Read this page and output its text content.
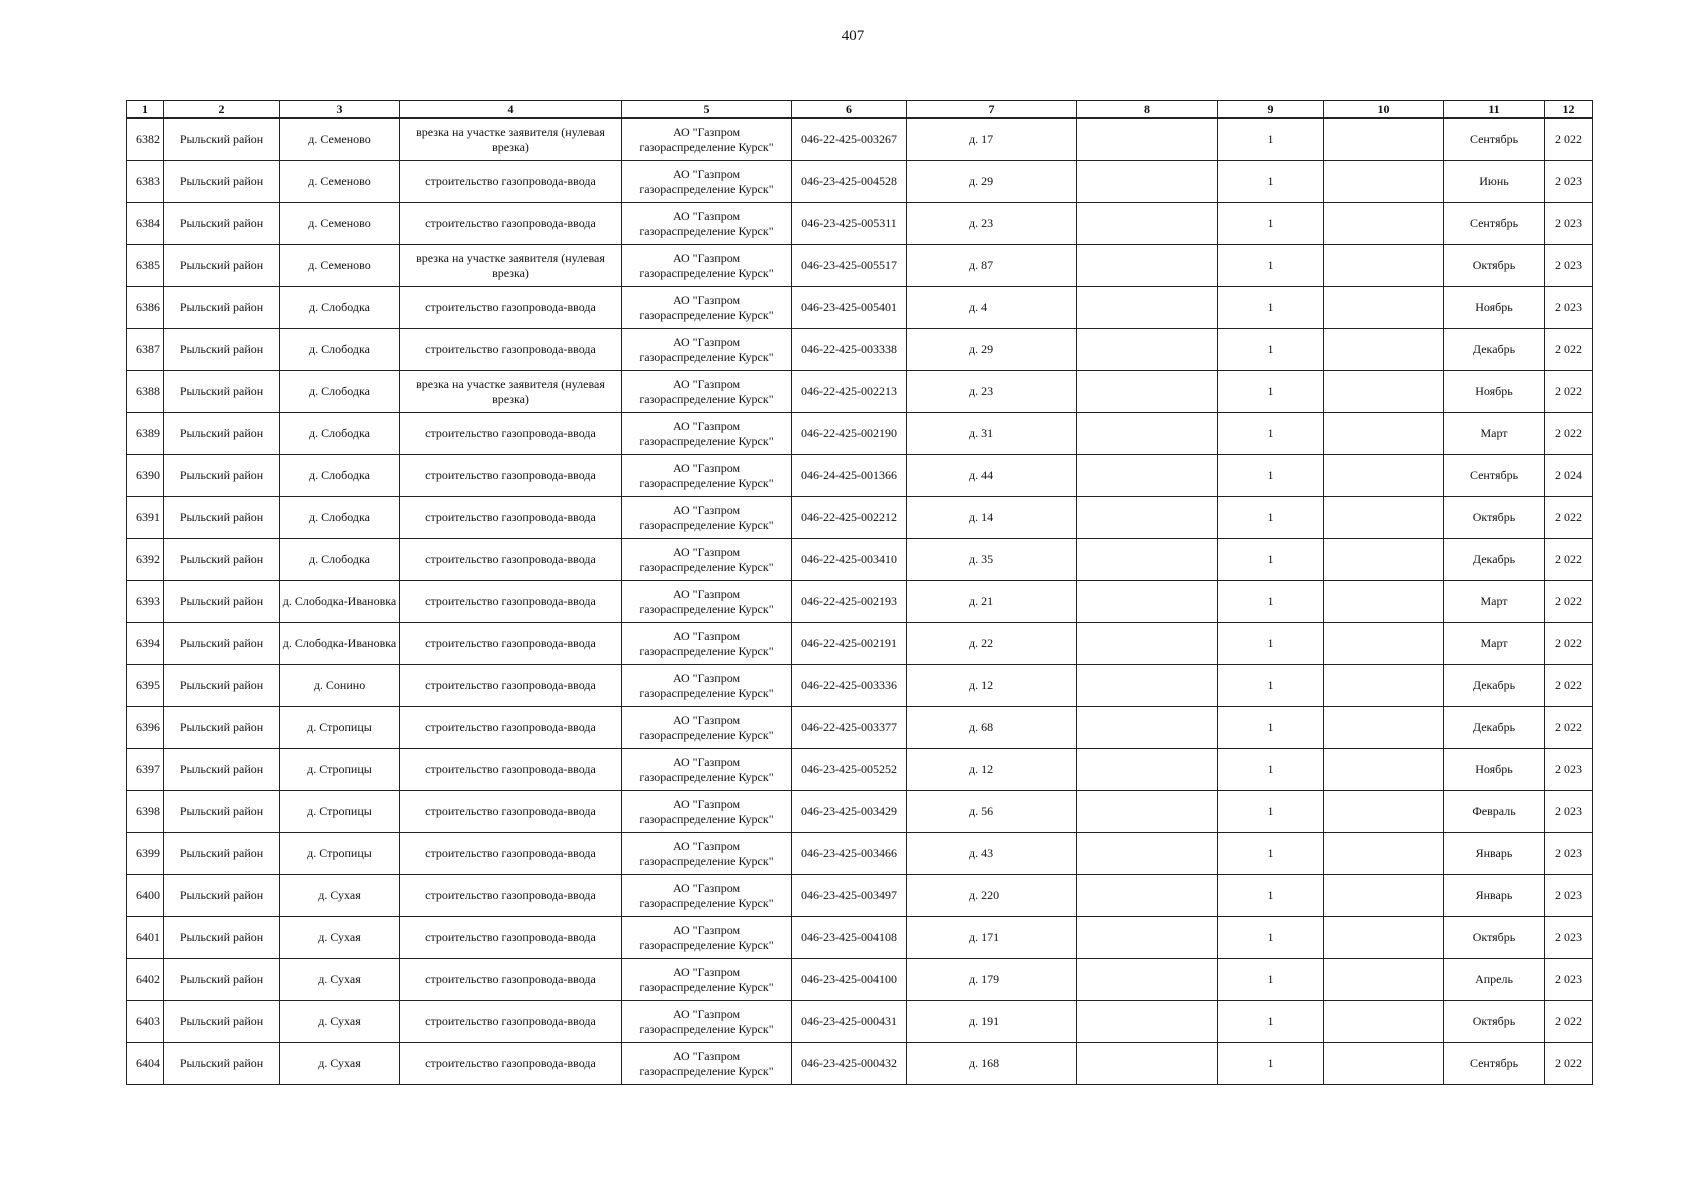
407
1	2	3	4	5	6	7	8	9	10	11	12
6382	Рыльский район	д. Семеново	врезка на участке заявителя (нулевая врезка)	АО "Газпром газораспределение Курск"	046-22-425-003267	д. 17		1		Сентябрь	2 022
6383	Рыльский район	д. Семеново	строительство газопровода-ввода	АО "Газпром газораспределение Курск"	046-23-425-004528	д. 29		1		Июнь	2 023
6384	Рыльский район	д. Семеново	строительство газопровода-ввода	АО "Газпром газораспределение Курск"	046-23-425-005311	д. 23		1		Сентябрь	2 023
6385	Рыльский район	д. Семеново	врезка на участке заявителя (нулевая врезка)	АО "Газпром газораспределение Курск"	046-23-425-005517	д. 87		1		Октябрь	2 023
6386	Рыльский район	д. Слободка	строительство газопровода-ввода	АО "Газпром газораспределение Курск"	046-23-425-005401	д. 4		1		Ноябрь	2 023
6387	Рыльский район	д. Слободка	строительство газопровода-ввода	АО "Газпром газораспределение Курск"	046-22-425-003338	д. 29		1		Декабрь	2 022
6388	Рыльский район	д. Слободка	врезка на участке заявителя (нулевая врезка)	АО "Газпром газораспределение Курск"	046-22-425-002213	д. 23		1		Ноябрь	2 022
6389	Рыльский район	д. Слободка	строительство газопровода-ввода	АО "Газпром газораспределение Курск"	046-22-425-002190	д. 31		1		Март	2 022
6390	Рыльский район	д. Слободка	строительство газопровода-ввода	АО "Газпром газораспределение Курск"	046-24-425-001366	д. 44		1		Сентябрь	2 024
6391	Рыльский район	д. Слободка	строительство газопровода-ввода	АО "Газпром газораспределение Курск"	046-22-425-002212	д. 14		1		Октябрь	2 022
6392	Рыльский район	д. Слободка	строительство газопровода-ввода	АО "Газпром газораспределение Курск"	046-22-425-003410	д. 35		1		Декабрь	2 022
6393	Рыльский район	д. Слободка-Ивановка	строительство газопровода-ввода	АО "Газпром газораспределение Курск"	046-22-425-002193	д. 21		1		Март	2 022
6394	Рыльский район	д. Слободка-Ивановка	строительство газопровода-ввода	АО "Газпром газораспределение Курск"	046-22-425-002191	д. 22		1		Март	2 022
6395	Рыльский район	д. Сонино	строительство газопровода-ввода	АО "Газпром газораспределение Курск"	046-22-425-003336	д. 12		1		Декабрь	2 022
6396	Рыльский район	д. Стропицы	строительство газопровода-ввода	АО "Газпром газораспределение Курск"	046-22-425-003377	д. 68		1		Декабрь	2 022
6397	Рыльский район	д. Стропицы	строительство газопровода-ввода	АО "Газпром газораспределение Курск"	046-23-425-005252	д. 12		1		Ноябрь	2 023
6398	Рыльский район	д. Стропицы	строительство газопровода-ввода	АО "Газпром газораспределение Курск"	046-23-425-003429	д. 56		1		Февраль	2 023
6399	Рыльский район	д. Стропицы	строительство газопровода-ввода	АО "Газпром газораспределение Курск"	046-23-425-003466	д. 43		1		Январь	2 023
6400	Рыльский район	д. Сухая	строительство газопровода-ввода	АО "Газпром газораспределение Курск"	046-23-425-003497	д. 220		1		Январь	2 023
6401	Рыльский район	д. Сухая	строительство газопровода-ввода	АО "Газпром газораспределение Курск"	046-23-425-004108	д. 171		1		Октябрь	2 023
6402	Рыльский район	д. Сухая	строительство газопровода-ввода	АО "Газпром газораспределение Курск"	046-23-425-004100	д. 179		1		Апрель	2 023
6403	Рыльский район	д. Сухая	строительство газопровода-ввода	АО "Газпром газораспределение Курск"	046-23-425-000431	д. 191		1		Октябрь	2 022
6404	Рыльский район	д. Сухая	строительство газопровода-ввода	АО "Газпром газораспределение Курск"	046-23-425-000432	д. 168		1		Сентябрь	2 022
